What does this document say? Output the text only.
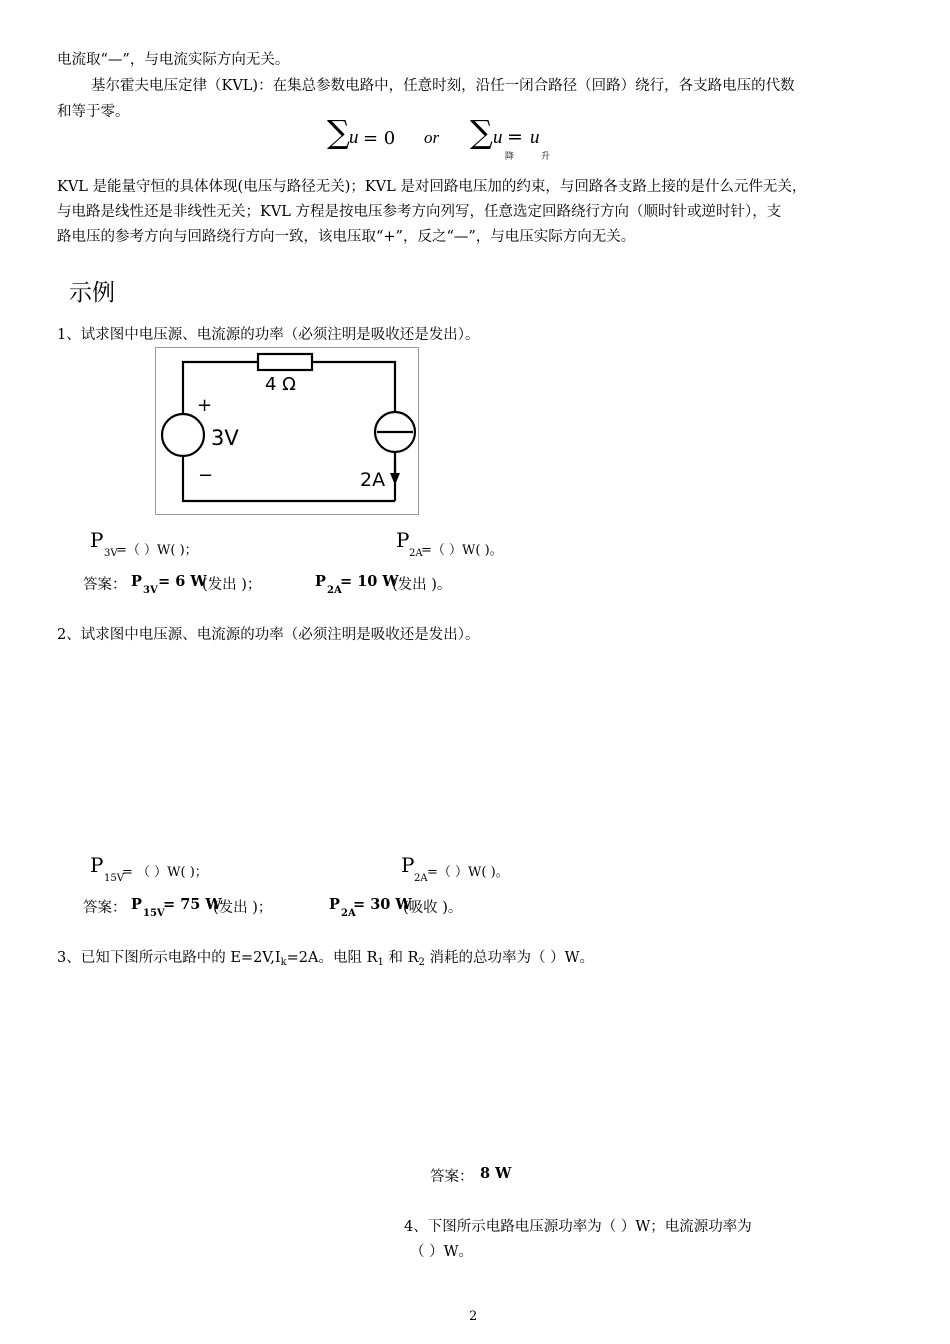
电流取“—”，与电流实际方向无关。
基尔霍夫电压定律（KVL)：在集总参数电路中，任意时刻，沿任一闭合路径（回路）绕行，各支路电压的代数
和等于零。
∑ u = 0 or ∑ u = u
降	升
KVL 是能量守恒的具体体现(电压与路径无关)；KVL 是对回路电压加的约束，与回路各支路上接的是什么元件无关，
与电路是线性还是非线性无关；KVL 方程是按电压参考方向列写，任意选定回路绕行方向（顺时针或逆时针），支
路电压的参考方向与回路绕行方向一致，该电压取“+”，反之“—”，与电压实际方向无关。
示例
1、试求图中电压源、电流源的功率（必须注明是吸收还是发出）。
4 Ω
+
3V
−	2A
P
3V
=（ ）W( )；	P
2A
=（ ）W( )。
答案： P
3V
= 6 W
(发出 )；	P
2A
= 10 W
(发出 )。
2、试求图中电压源、电流源的功率（必须注明是吸收还是发出）。
P
15V
= （ ）W( )；	P
2A =（ ）W( )。
答案： P
15V
= 75 W
(发出 )；	P
2A
= 30 W
(吸收 )。
3、已知下图所示电路中的 $E=2V,I_k=2A$。电阻 $R_1$ 和 $R_2$ 消耗的总功率为（ ）W。
答案： 8 W
4、下图所示电路电压源功率为（ ）W；电流源功率为
（ ）W。
2
